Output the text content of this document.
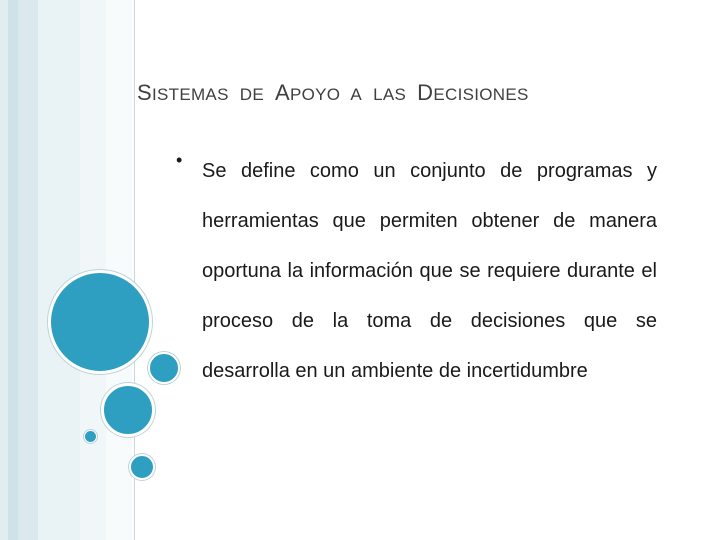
SISTEMAS DE APOYO A LAS DECISIONES
• Se define como un conjunto de programas y herramientas que permiten obtener de manera oportuna la información que se requiere durante el proceso de la toma de decisiones que se desarrolla en un ambiente de incertidumbre
